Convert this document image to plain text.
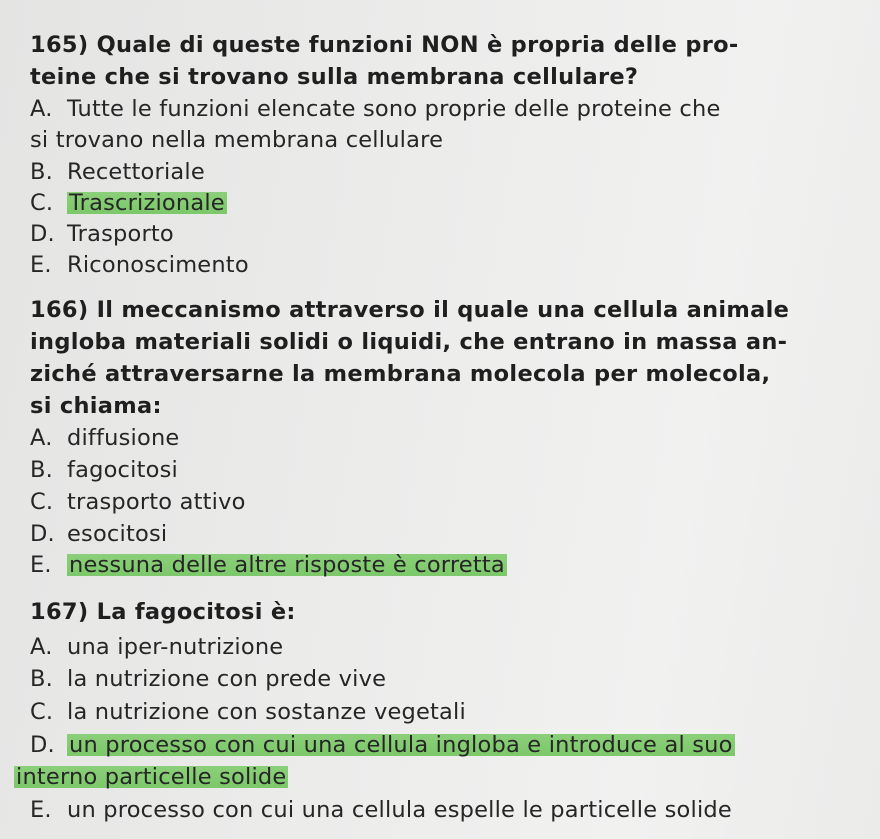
165) Quale di queste funzioni NON è propria delle pro-
teine che si trovano sulla membrana cellulare?
A. Tutte le funzioni elencate sono proprie delle proteine che
si trovano nella membrana cellulare
B. Recettoriale
C. Trascrizionale
D. Trasporto
E. Riconoscimento
166) Il meccanismo attraverso il quale una cellula animale
ingloba materiali solidi o liquidi, che entrano in massa an-
ziché attraversarne la membrana molecola per molecola,
si chiama:
A. diffusione
B. fagocitosi
C. trasporto attivo
D. esocitosi
E. nessuna delle altre risposte è corretta
167) La fagocitosi è:
A. una iper-nutrizione
B. la nutrizione con prede vive
C. la nutrizione con sostanze vegetali
D. un processo con cui una cellula ingloba e introduce al suo
interno particelle solide
E. un processo con cui una cellula espelle le particelle solide
